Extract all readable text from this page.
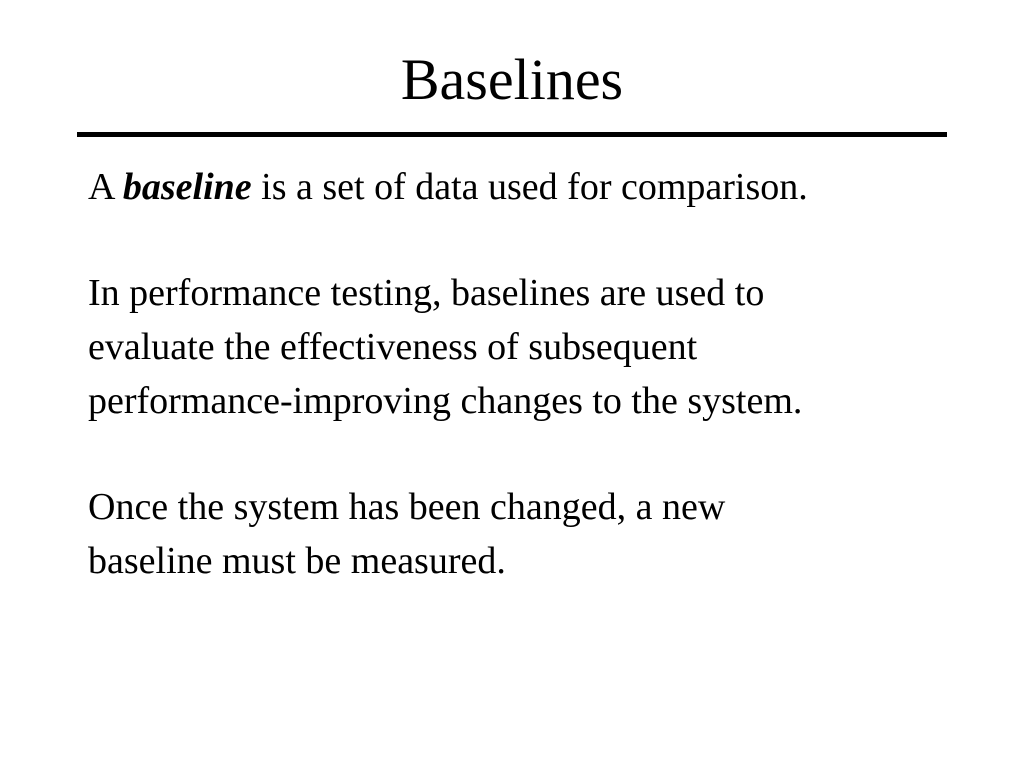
Baselines

A baseline is a set of data used for comparison.

In performance testing, baselines are used to
evaluate the effectiveness of subsequent
performance-improving changes to the system.

Once the system has been changed, a new
baseline must be measured.
